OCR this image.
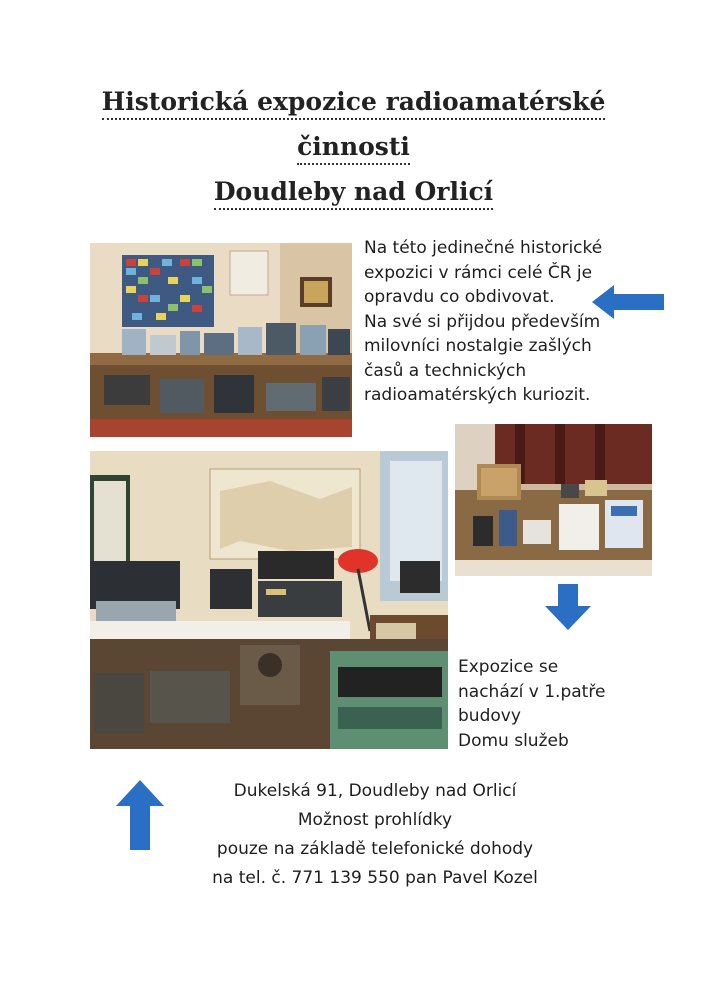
Historická expozice radioamatérské
činnosti
Doudleby nad Orlicí
Na této jedinečné historické
expozici v rámci celé ČR je
opravdu co obdivovat.
Na své si přijdou především
milovníci nostalgie zašlých
časů a technických
radioamatérských kuriozit.
Expozice se
nachází v 1.patře
budovy
Domu služeb
Dukelská 91, Doudleby nad Orlicí
Možnost prohlídky
pouze na základě telefonické dohody
na tel. č. 771 139 550 pan Pavel Kozel
